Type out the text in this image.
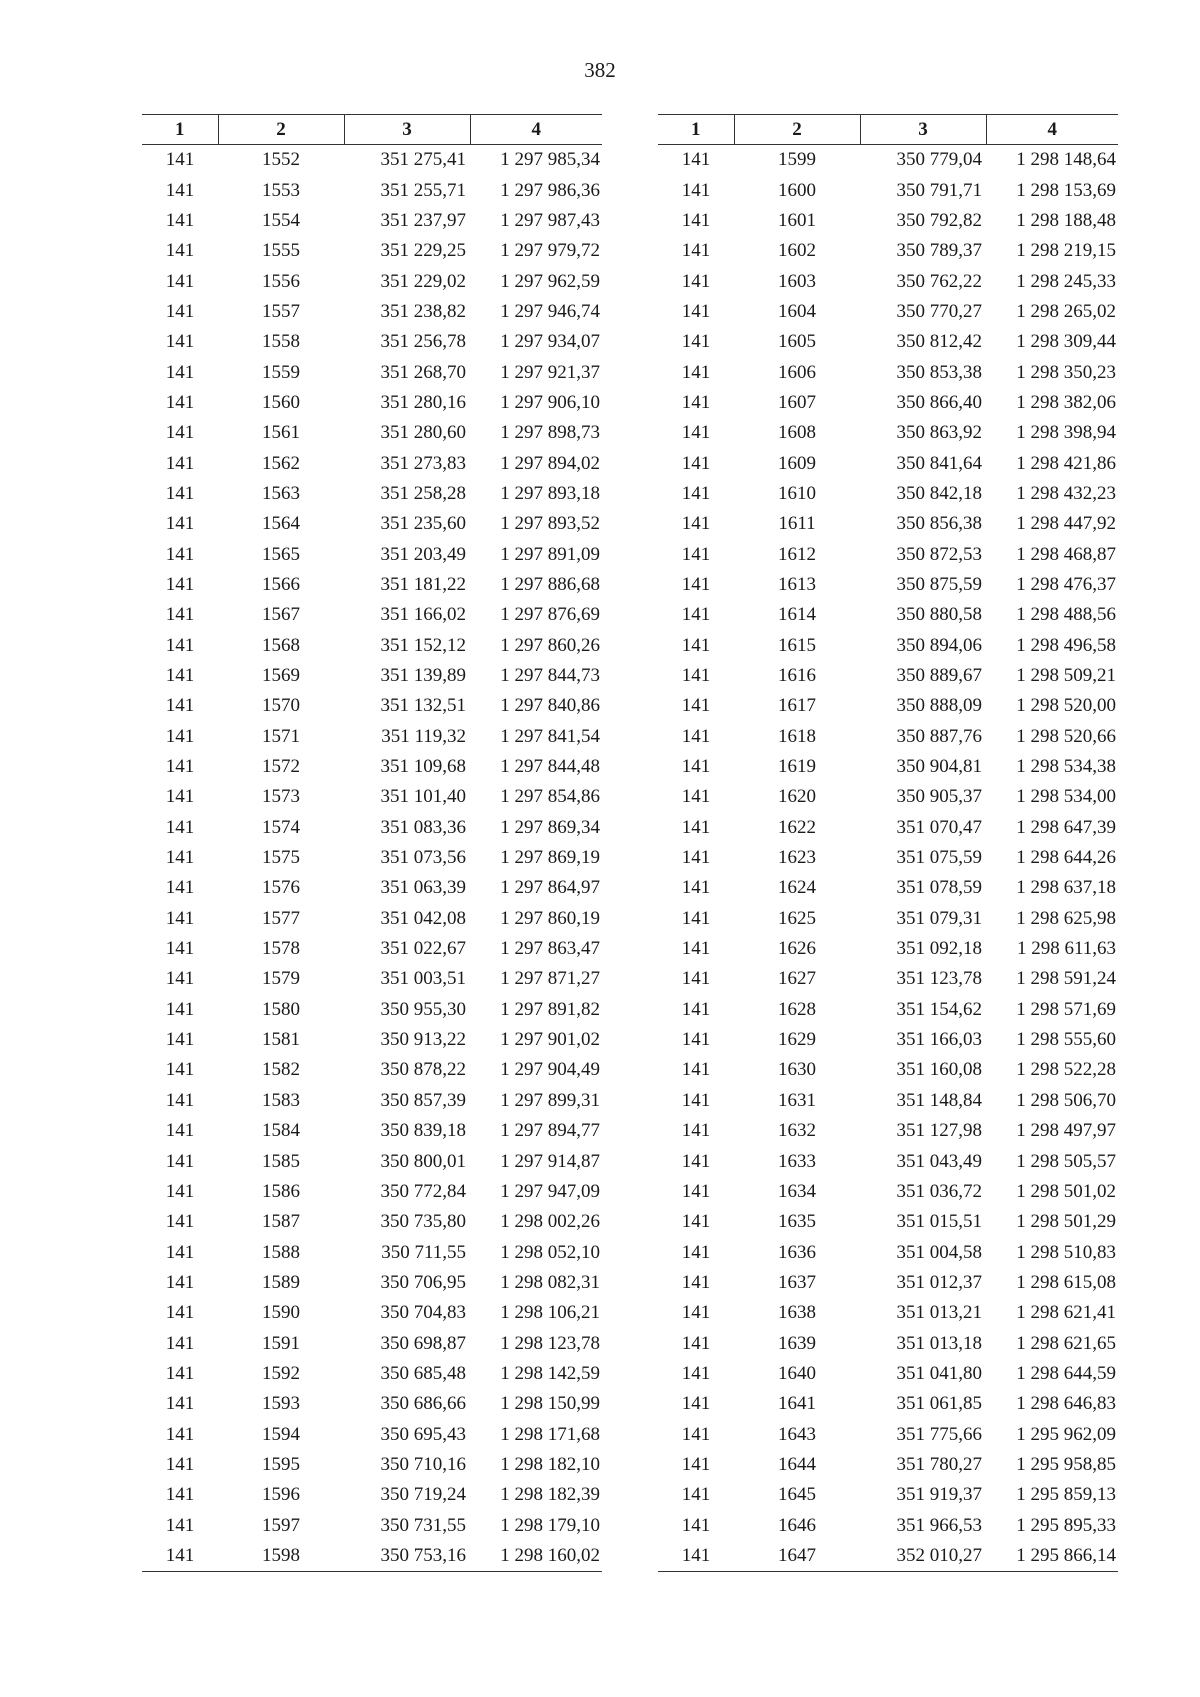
382
1	2	3	4
141	1552	351 275,41	1 297 985,34
141	1553	351 255,71	1 297 986,36
141	1554	351 237,97	1 297 987,43
141	1555	351 229,25	1 297 979,72
141	1556	351 229,02	1 297 962,59
141	1557	351 238,82	1 297 946,74
141	1558	351 256,78	1 297 934,07
141	1559	351 268,70	1 297 921,37
141	1560	351 280,16	1 297 906,10
141	1561	351 280,60	1 297 898,73
141	1562	351 273,83	1 297 894,02
141	1563	351 258,28	1 297 893,18
141	1564	351 235,60	1 297 893,52
141	1565	351 203,49	1 297 891,09
141	1566	351 181,22	1 297 886,68
141	1567	351 166,02	1 297 876,69
141	1568	351 152,12	1 297 860,26
141	1569	351 139,89	1 297 844,73
141	1570	351 132,51	1 297 840,86
141	1571	351 119,32	1 297 841,54
141	1572	351 109,68	1 297 844,48
141	1573	351 101,40	1 297 854,86
141	1574	351 083,36	1 297 869,34
141	1575	351 073,56	1 297 869,19
141	1576	351 063,39	1 297 864,97
141	1577	351 042,08	1 297 860,19
141	1578	351 022,67	1 297 863,47
141	1579	351 003,51	1 297 871,27
141	1580	350 955,30	1 297 891,82
141	1581	350 913,22	1 297 901,02
141	1582	350 878,22	1 297 904,49
141	1583	350 857,39	1 297 899,31
141	1584	350 839,18	1 297 894,77
141	1585	350 800,01	1 297 914,87
141	1586	350 772,84	1 297 947,09
141	1587	350 735,80	1 298 002,26
141	1588	350 711,55	1 298 052,10
141	1589	350 706,95	1 298 082,31
141	1590	350 704,83	1 298 106,21
141	1591	350 698,87	1 298 123,78
141	1592	350 685,48	1 298 142,59
141	1593	350 686,66	1 298 150,99
141	1594	350 695,43	1 298 171,68
141	1595	350 710,16	1 298 182,10
141	1596	350 719,24	1 298 182,39
141	1597	350 731,55	1 298 179,10
141	1598	350 753,16	1 298 160,02
1	2	3	4
141	1599	350 779,04	1 298 148,64
141	1600	350 791,71	1 298 153,69
141	1601	350 792,82	1 298 188,48
141	1602	350 789,37	1 298 219,15
141	1603	350 762,22	1 298 245,33
141	1604	350 770,27	1 298 265,02
141	1605	350 812,42	1 298 309,44
141	1606	350 853,38	1 298 350,23
141	1607	350 866,40	1 298 382,06
141	1608	350 863,92	1 298 398,94
141	1609	350 841,64	1 298 421,86
141	1610	350 842,18	1 298 432,23
141	1611	350 856,38	1 298 447,92
141	1612	350 872,53	1 298 468,87
141	1613	350 875,59	1 298 476,37
141	1614	350 880,58	1 298 488,56
141	1615	350 894,06	1 298 496,58
141	1616	350 889,67	1 298 509,21
141	1617	350 888,09	1 298 520,00
141	1618	350 887,76	1 298 520,66
141	1619	350 904,81	1 298 534,38
141	1620	350 905,37	1 298 534,00
141	1622	351 070,47	1 298 647,39
141	1623	351 075,59	1 298 644,26
141	1624	351 078,59	1 298 637,18
141	1625	351 079,31	1 298 625,98
141	1626	351 092,18	1 298 611,63
141	1627	351 123,78	1 298 591,24
141	1628	351 154,62	1 298 571,69
141	1629	351 166,03	1 298 555,60
141	1630	351 160,08	1 298 522,28
141	1631	351 148,84	1 298 506,70
141	1632	351 127,98	1 298 497,97
141	1633	351 043,49	1 298 505,57
141	1634	351 036,72	1 298 501,02
141	1635	351 015,51	1 298 501,29
141	1636	351 004,58	1 298 510,83
141	1637	351 012,37	1 298 615,08
141	1638	351 013,21	1 298 621,41
141	1639	351 013,18	1 298 621,65
141	1640	351 041,80	1 298 644,59
141	1641	351 061,85	1 298 646,83
141	1643	351 775,66	1 295 962,09
141	1644	351 780,27	1 295 958,85
141	1645	351 919,37	1 295 859,13
141	1646	351 966,53	1 295 895,33
141	1647	352 010,27	1 295 866,14
